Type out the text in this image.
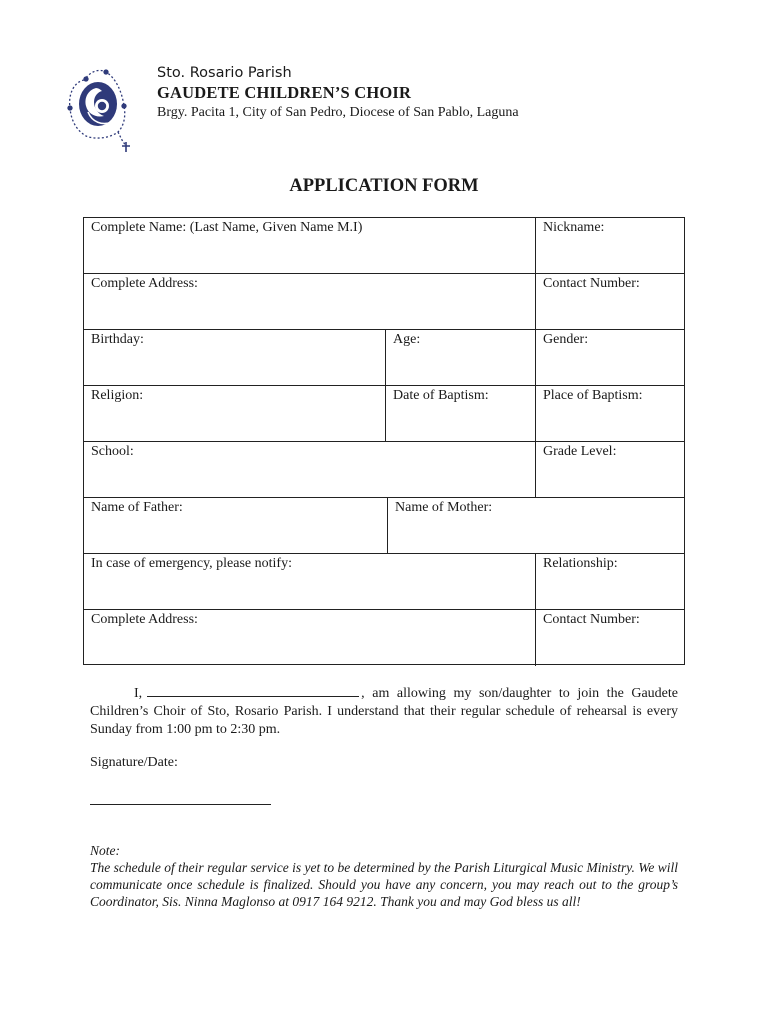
Sto. Rosario Parish

GAUDETE CHILDREN’S CHOIR

Brgy. Pacita 1, City of San Pedro, Diocese of San Pablo, Laguna

APPLICATION FORM
Complete Name: (Last Name, Given Name M.I)	Nickname:
Complete Address:	Contact Number:
Birthday:	Age:	Gender:
Religion:	Date of Baptism:	Place of Baptism:
School:	Grade Level:
Name of Father:	Name of Mother:
In case of emergency, please notify:	Relationship:
Complete Address:	Contact Number:

I,	, am allowing my son/daughter to join the Gaudete Children’s Choir of Sto, Rosario Parish. I understand that their regular schedule of rehearsal is every Sunday from 1:00 pm to 2:30 pm.

Signature/Date:

Note:
The schedule of their regular service is yet to be determined by the Parish Liturgical Music Ministry. We will communicate once schedule is finalized. Should you have any concern, you may reach out to the group’s Coordinator, Sis. Ninna Maglonso at 0917 164 9212. Thank you and may God bless us all!
